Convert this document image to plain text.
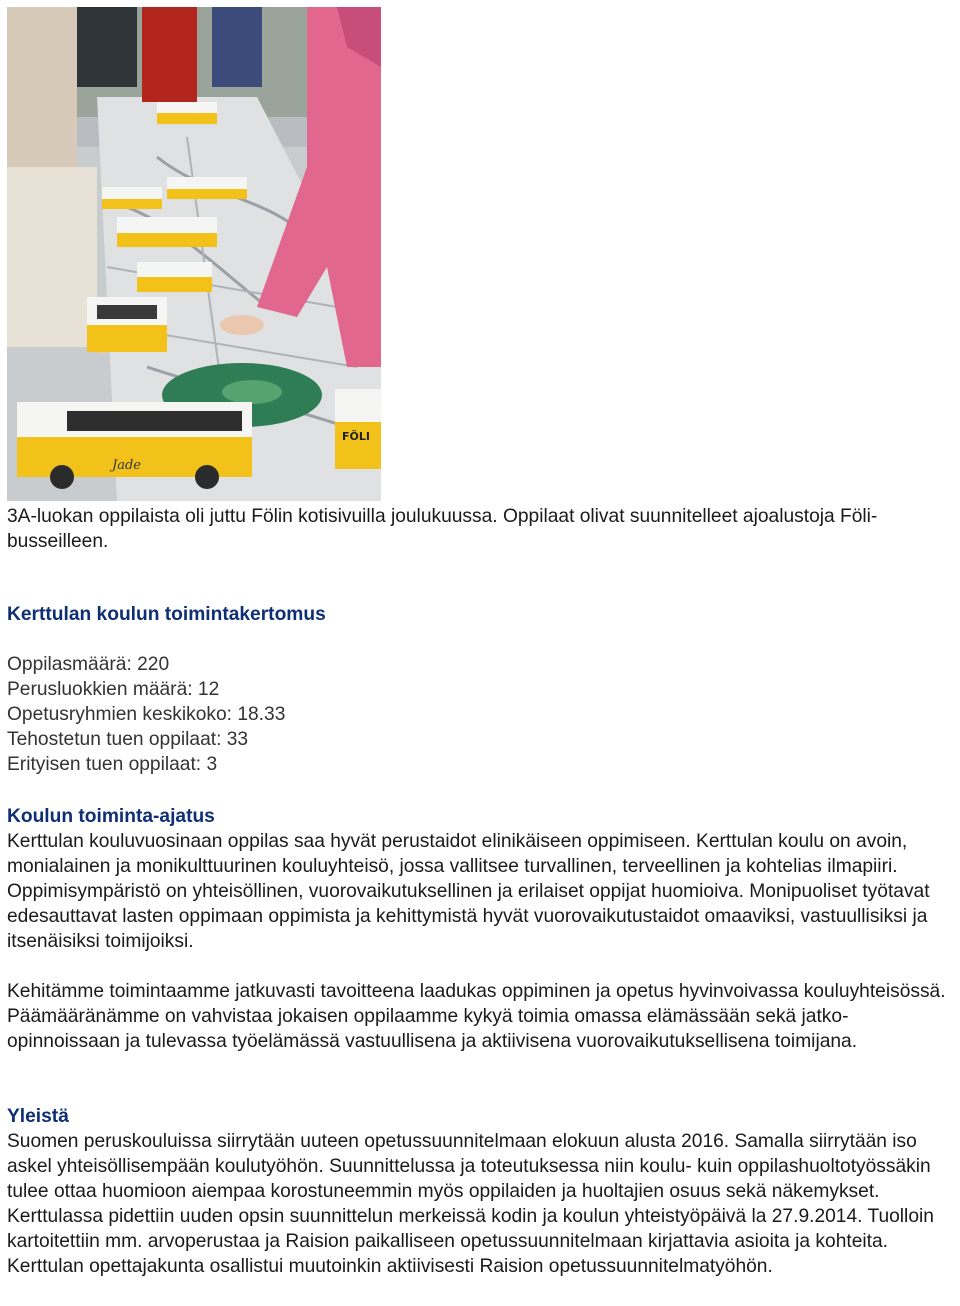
Jade
FÖLI

3A-luokan oppilaista oli juttu Fölin kotisivuilla joulukuussa. Oppilaat olivat suunnitelleet ajoalustoja Föli-busseilleen.

Kerttulan koulun toimintakertomus
Oppilasmäärä: 220
Perusluokkien määrä: 12
Opetusryhmien keskikoko: 18.33
Tehostetun tuen oppilaat: 33
Erityisen tuen oppilaat: 3
Koulun toiminta-ajatus

Kerttulan kouluvuosinaan oppilas saa hyvät perustaidot elinikäiseen oppimiseen. Kerttulan koulu on avoin, monialainen ja monikulttuurinen kouluyhteisö, jossa vallitsee turvallinen, terveellinen ja kohtelias ilmapiiri. Oppimisympäristö on yhteisöllinen, vuorovaikutuksellinen ja erilaiset oppijat huomioiva. Monipuoliset työtavat edesauttavat lasten oppimaan oppimista ja kehittymistä hyvät vuorovaikutustaidot omaaviksi, vastuullisiksi ja itsenäisiksi toimijoiksi.

Kehitämme toimintaamme jatkuvasti tavoitteena laadukas oppiminen ja opetus hyvinvoivassa kouluyhteisössä. Päämääränämme on vahvistaa jokaisen oppilaamme kykyä toimia omassa elämässään sekä jatko-opinnoissaan ja tulevassa työelämässä vastuullisena ja aktiivisena vuorovaikutuksellisena toimijana.

Yleistä

Suomen peruskouluissa siirrytään uuteen opetussuunnitelmaan elokuun alusta 2016. Samalla siirrytään iso askel yhteisöllisempään koulutyöhön. Suunnittelussa ja toteutuksessa niin koulu- kuin oppilashuoltotyössäkin tulee ottaa huomioon aiempaa korostuneemmin myös oppilaiden ja huoltajien osuus sekä näkemykset. Kerttulassa pidettiin uuden opsin suunnittelun merkeissä kodin ja koulun yhteistyöpäivä la 27.9.2014. Tuolloin kartoitettiin mm. arvoperustaa ja Raision paikalliseen opetussuunnitelmaan kirjattavia asioita ja kohteita. Kerttulan opettajakunta osallistui muutoinkin aktiivisesti Raision opetussuunnitelmatyöhön.
